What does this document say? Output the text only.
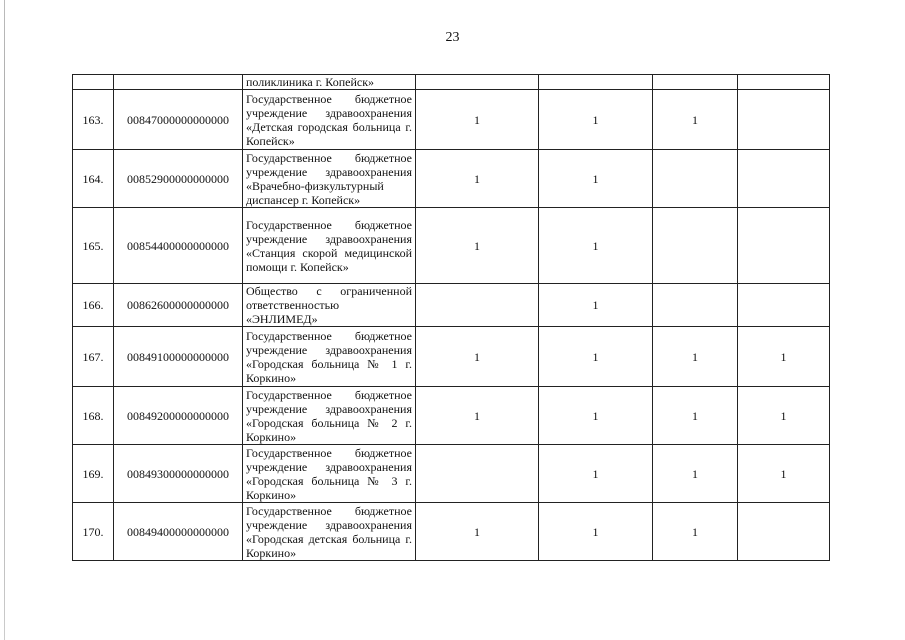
23
		поликлиника г. Копейск»				
163.	00847000000000000	Государственное бюджетное учреждение здравоохранения «Детская городская больница г. Копейск»	1	1	1	
164.	00852900000000000	Государственное бюджетное учреждение здравоохранения «Врачебно-физкультурный диспансер г. Копейск»	1	1		
165.	00854400000000000	Государственное бюджетное учреждение здравоохранения «Станция скорой медицинской помощи г. Копейск»	1	1		
166.	00862600000000000	Общество с ограниченной ответственностью «ЭНЛИМЕД»		1		
167.	00849100000000000	Государственное бюджетное учреждение здравоохранения «Городская больница № 1 г. Коркино»	1	1	1	1
168.	00849200000000000	Государственное бюджетное учреждение здравоохранения «Городская больница № 2 г. Коркино»	1	1	1	1
169.	00849300000000000	Государственное бюджетное учреждение здравоохранения «Городская больница № 3 г. Коркино»		1	1	1
170.	00849400000000000	Государственное бюджетное учреждение здравоохранения «Городская детская больница г. Коркино»	1	1	1	
